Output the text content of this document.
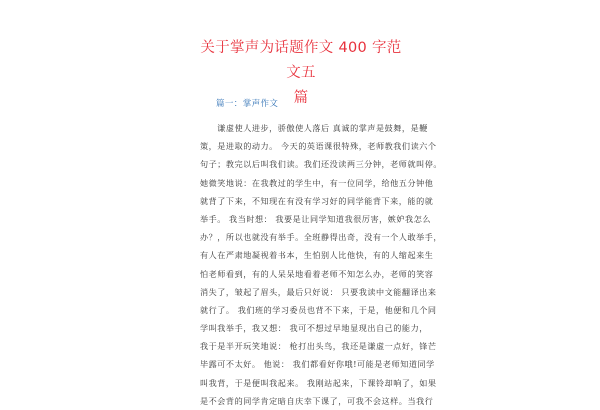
关于掌声为话题作文 400 字范文五
篇
篇一：掌声作文
　　谦虚使人进步，骄傲使人落后 真诚的掌声是鼓舞，是鞭
策，是进取的动力。 今天的英语课很特殊，老师教我们读六个
句子；教完以后叫我们读。我们还没读两三分钟，老师就叫停。
她微笑地说：在我教过的学生中，有一位同学，给他五分钟他
就背了下来，不知现在有没有学习好的同学能背下来，能的就
举手。 我当时想： 我要是让同学知道我很厉害，嫉妒我怎么
办？，所以也就没有举手。全班静得出奇，没有一个人敢举手，
有人在严肃地凝视着书本，生怕别人比他快，有的人缩起来生
怕老师看到，有的人呆呆地看着老师不知怎么办，老师的笑容
消失了，皱起了眉头，最后只好说： 只要我读中文能翻译出来
就行了。 我们班的学习委员也背不下来，于是，他便和几个同
学叫我举手，我又想： 我可不想过早地显现出自己的能力，
我于是半开玩笑地说： 枪打出头鸟，我还是谦虚一点好，锋芒
毕露可不太好。 他说： 我们都看好你哦!可能是老师知道同学
叫我背，于是便叫我起来。 我刚站起来，下课铃却响了，如果
是不会背的同学肯定暗自庆幸下课了，可我不会这样。当我行
